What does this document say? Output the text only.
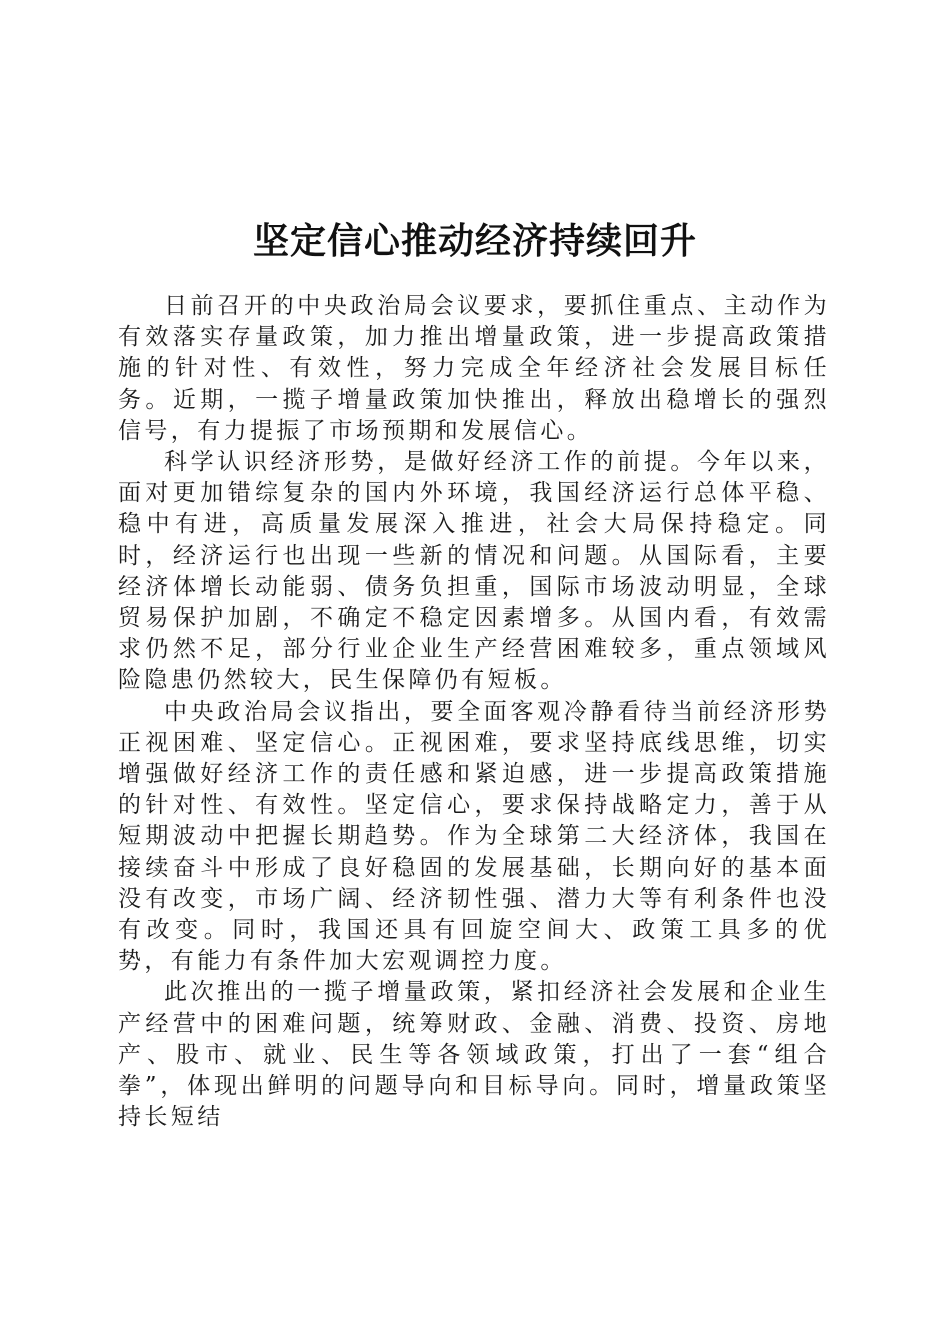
坚定信心推动经济持续回升

日前召开的中央政治局会议要求，要抓住重点、主动作为有效落实存量政策，加力推出增量政策，进一步提高政策措施的针对性、有效性，努力完成全年经济社会发展目标任务。近期，一揽子增量政策加快推出，释放出稳增长的强烈信号，有力提振了市场预期和发展信心。

科学认识经济形势，是做好经济工作的前提。今年以来，面对更加错综复杂的国内外环境，我国经济运行总体平稳、稳中有进，高质量发展深入推进，社会大局保持稳定。同时，经济运行也出现一些新的情况和问题。从国际看，主要经济体增长动能弱、债务负担重，国际市场波动明显，全球贸易保护加剧，不确定不稳定因素增多。从国内看，有效需求仍然不足，部分行业企业生产经营困难较多，重点领域风险隐患仍然较大，民生保障仍有短板。

中央政治局会议指出，要全面客观冷静看待当前经济形势正视困难、坚定信心。正视困难，要求坚持底线思维，切实增强做好经济工作的责任感和紧迫感，进一步提高政策措施的针对性、有效性。坚定信心，要求保持战略定力，善于从短期波动中把握长期趋势。作为全球第二大经济体，我国在接续奋斗中形成了良好稳固的发展基础，长期向好的基本面没有改变，市场广阔、经济韧性强、潜力大等有利条件也没有改变。同时，我国还具有回旋空间大、政策工具多的优势，有能力有条件加大宏观调控力度。

此次推出的一揽子增量政策，紧扣经济社会发展和企业生产经营中的困难问题，统筹财政、金融、消费、投资、房地产、股市、就业、民生等各领域政策，打出了一套“组合拳”，体现出鲜明的问题导向和目标导向。同时，增量政策坚持长短结
